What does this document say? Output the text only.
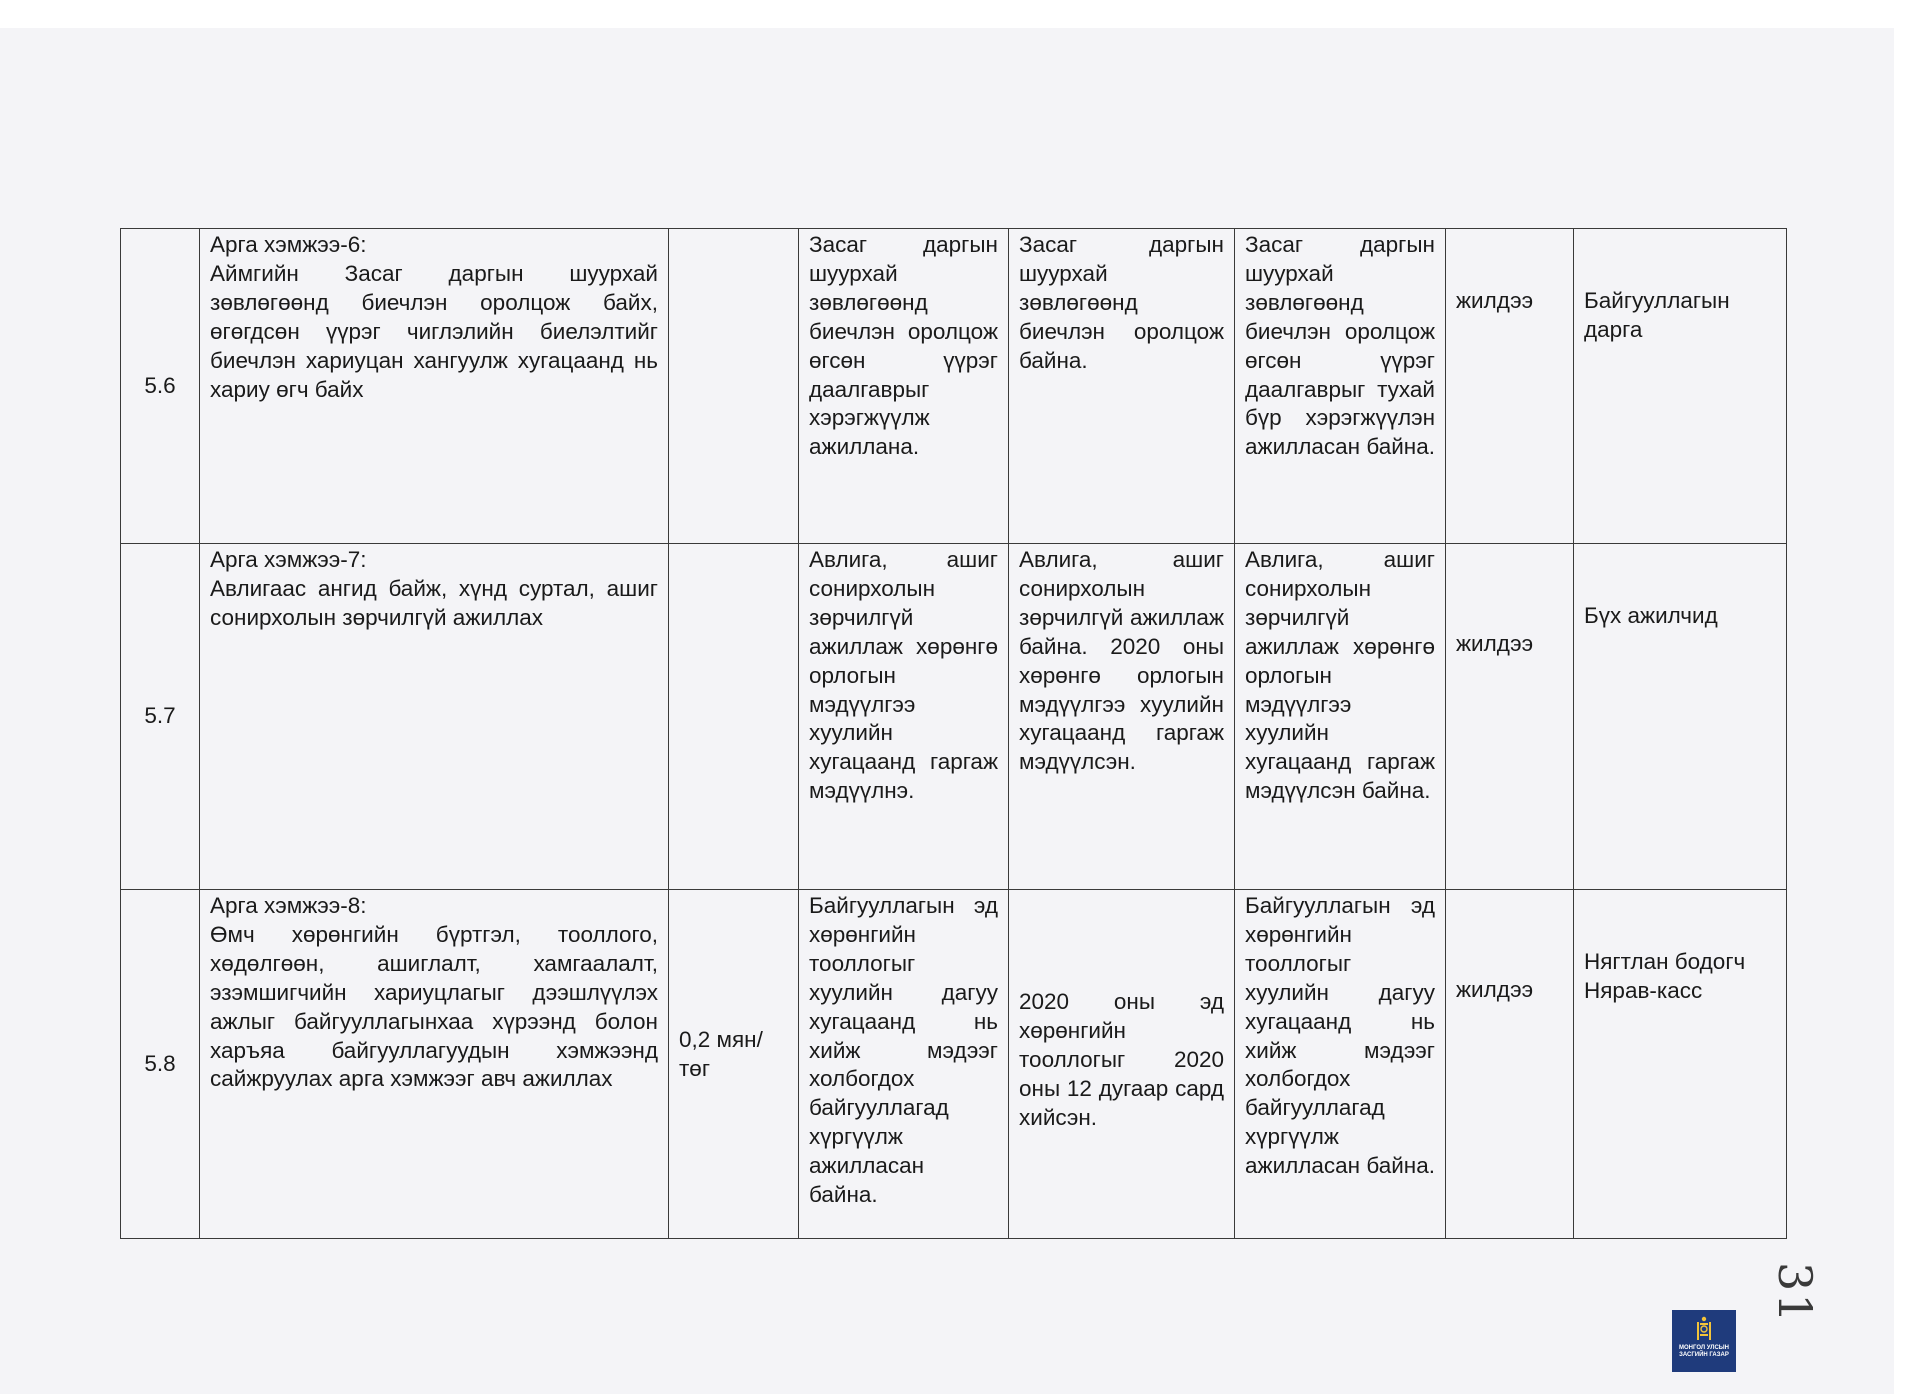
5.6	Арга хэмжээ-6:
Аймгийн Засаг даргын шуурхай зөвлөгөөнд биечлэн оролцож байх, өгөгдсөн үүрэг чиглэлийн биелэлтийг биечлэн хариуцан хангуулж хугацаанд нь хариу өгч байх		Засаг даргын шуурхай зөвлөгөөнд биечлэн оролцож өгсөн үүрэг даалгаврыг хэрэгжүүлж ажиллана.	Засаг даргын шуурхай зөвлөгөөнд биечлэн оролцож байна.	Засаг даргын шуурхай зөвлөгөөнд биечлэн оролцож өгсөн үүрэг даалгаврыг тухай бүр хэрэгжүүлэн ажилласан байна.	жилдээ	Байгууллагын дарга
5.7	Арга хэмжээ-7:
Авлигаас ангид байж, хүнд суртал, ашиг сонирхолын зөрчилгүй ажиллах		Авлига, ашиг сонирхолын зөрчилгүй ажиллаж хөрөнгө орлогын мэдүүлгээ хуулийн хугацаанд гаргаж мэдүүлнэ.	Авлига, ашиг сонирхолын зөрчилгүй ажиллаж байна. 2020 оны хөрөнгө орлогын мэдүүлгээ хуулийн хугацаанд гаргаж мэдүүлсэн.	Авлига, ашиг сонирхолын зөрчилгүй ажиллаж хөрөнгө орлогын мэдүүлгээ хуулийн хугацаанд гаргаж мэдүүлсэн байна.	жилдээ	Бүх ажилчид
5.8	Арга хэмжээ-8:
Өмч хөрөнгийн бүртгэл, тооллого, хөдөлгөөн, ашиглалт, хамгаалалт, эзэмшигчийн хариуцлагыг дээшлүүлэх ажлыг байгууллагынхаа хүрээнд болон харъяа байгууллагуудын хэмжээнд сайжруулах арга хэмжээг авч ажиллах	0,2 мян/төг	Байгууллагын эд хөрөнгийн тооллогыг хуулийн дагуу хугацаанд нь хийж мэдээг холбогдох байгууллагад хүргүүлж ажилласан байна.	2020 оны эд хөрөнгийн тооллогыг 2020 оны 12 дугаар сард хийсэн.	Байгууллагын эд хөрөнгийн тооллогыг хуулийн дагуу хугацаанд нь хийж мэдээг холбогдох байгууллагад хүргүүлж ажилласан байна.	жилдээ	Нягтлан бодогч
Нярав-касс
31
МОНГОЛ УЛСЫН
ЗАСГИЙН ГАЗАР
